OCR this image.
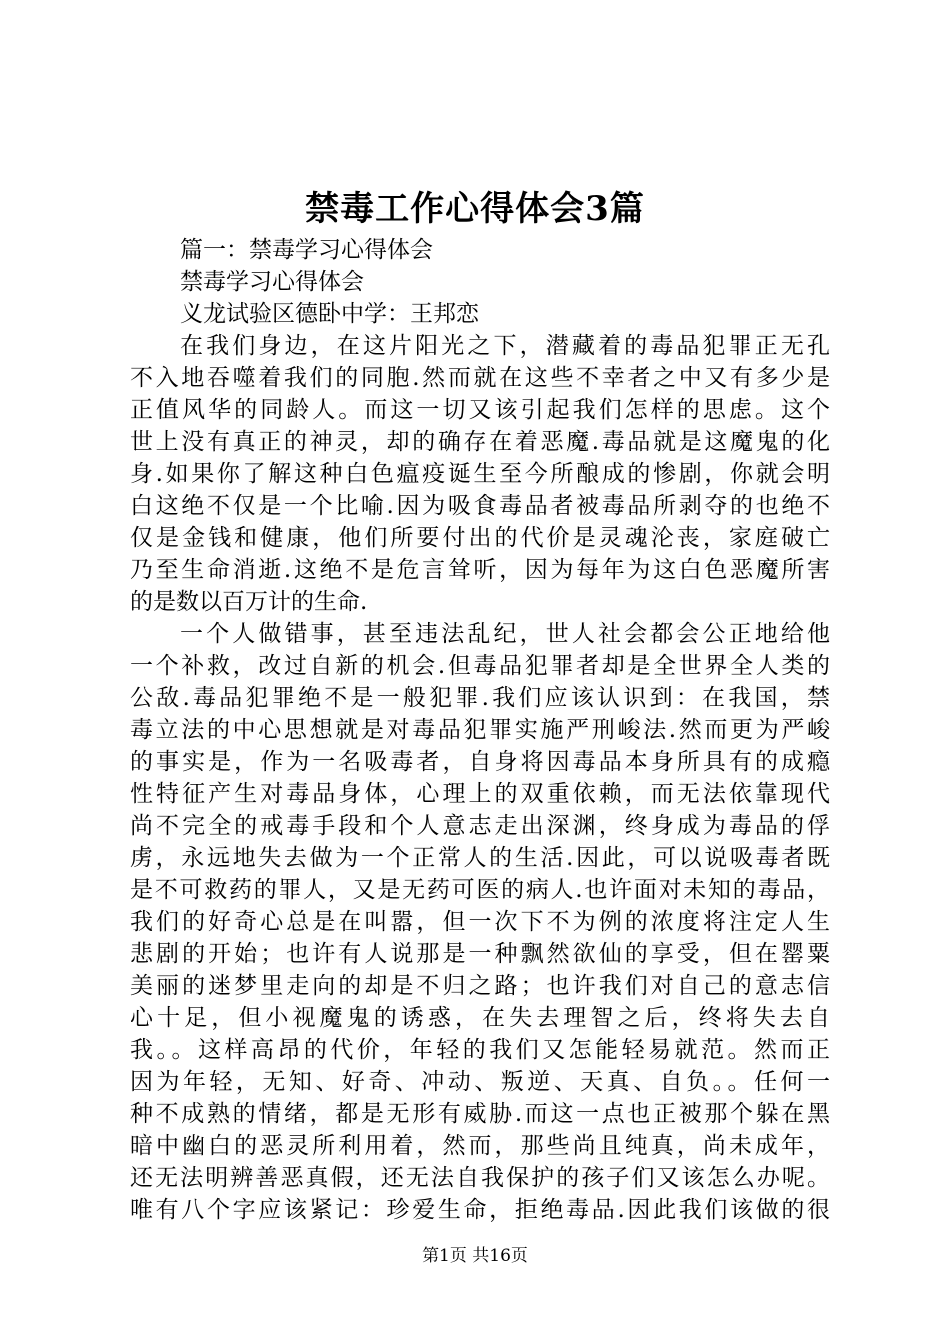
禁毒工作心得体会3篇
篇一：禁毒学习心得体会
禁毒学习心得体会
义龙试验区德卧中学：王邦恋
在我们身边，在这片阳光之下，潜藏着的毒品犯罪正无孔
不入地吞噬着我们的同胞.然而就在这些不幸者之中又有多少是
正值风华的同龄人。而这一切又该引起我们怎样的思虑。这个
世上没有真正的神灵，却的确存在着恶魔.毒品就是这魔鬼的化
身.如果你了解这种白色瘟疫诞生至今所酿成的惨剧，你就会明
白这绝不仅是一个比喻.因为吸食毒品者被毒品所剥夺的也绝不
仅是金钱和健康，他们所要付出的代价是灵魂沦丧，家庭破亡
乃至生命消逝.这绝不是危言耸听，因为每年为这白色恶魔所害
的是数以百万计的生命.
一个人做错事，甚至违法乱纪，世人社会都会公正地给他
一个补救，改过自新的机会.但毒品犯罪者却是全世界全人类的
公敌.毒品犯罪绝不是一般犯罪.我们应该认识到：在我国，禁
毒立法的中心思想就是对毒品犯罪实施严刑峻法.然而更为严峻
的事实是，作为一名吸毒者，自身将因毒品本身所具有的成瘾
性特征产生对毒品身体，心理上的双重依赖，而无法依靠现代
尚不完全的戒毒手段和个人意志走出深渊，终身成为毒品的俘
虏，永远地失去做为一个正常人的生活.因此，可以说吸毒者既
是不可救药的罪人，又是无药可医的病人.也许面对未知的毒品，
我们的好奇心总是在叫嚣，但一次下不为例的浓度将注定人生
悲剧的开始；也许有人说那是一种飘然欲仙的享受，但在罂粟
美丽的迷梦里走向的却是不归之路；也许我们对自己的意志信
心十足，但小视魔鬼的诱惑，在失去理智之后，终将失去自
我。。这样高昂的代价，年轻的我们又怎能轻易就范。然而正
因为年轻，无知、好奇、冲动、叛逆、天真、自负。。任何一
种不成熟的情绪，都是无形有威胁.而这一点也正被那个躲在黑
暗中幽白的恶灵所利用着，然而，那些尚且纯真，尚未成年，
还无法明辨善恶真假，还无法自我保护的孩子们又该怎么办呢。
唯有八个字应该紧记：珍爱生命，拒绝毒品.因此我们该做的很
第1页 共16页
